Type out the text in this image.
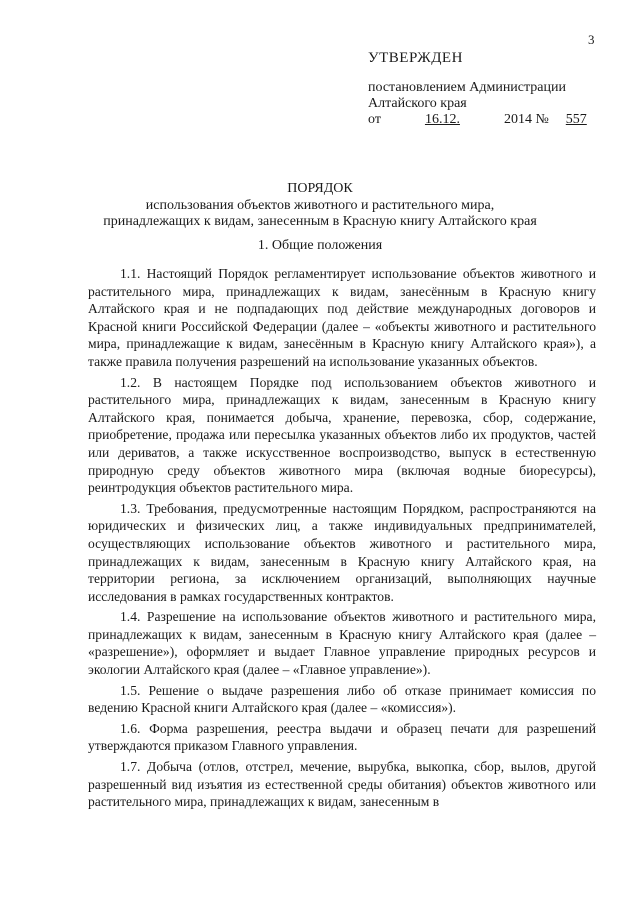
3
УТВЕРЖДЕН
постановлением Администрации
Алтайского края
от	16.12.	2014 № 557
ПОРЯДОК
использования объектов животного и растительного мира,
принадлежащих к видам, занесенным в Красную книгу Алтайского края
1. Общие положения

1.1. Настоящий Порядок регламентирует использование объектов животного и растительного мира, принадлежащих к видам, занесённым в Красную книгу Алтайского края и не подпадающих под действие международных договоров и Красной книги Российской Федерации (далее – «объекты животного и растительного мира, принадлежащие к видам, занесённым в Красную книгу Алтайского края»), а также правила получения разрешений на использование указанных объектов.

1.2. В настоящем Порядке под использованием объектов животного и растительного мира, принадлежащих к видам, занесенным в Красную книгу Алтайского края, понимается добыча, хранение, перевозка, сбор, содержание, приобретение, продажа или пересылка указанных объектов либо их продуктов, частей или дериватов, а также искусственное воспроизводство, выпуск в естественную природную среду объектов животного мира (включая водные биоресурсы), реинтродукция объектов растительного мира.

1.3. Требования, предусмотренные настоящим Порядком, распространяются на юридических и физических лиц, а также индивидуальных предпринимателей, осуществляющих использование объектов животного и растительного мира, принадлежащих к видам, занесенным в Красную книгу Алтайского края, на территории региона, за исключением организаций, выполняющих научные исследования в рамках государственных контрактов.

1.4. Разрешение на использование объектов животного и растительного мира, принадлежащих к видам, занесенным в Красную книгу Алтайского края (далее – «разрешение»), оформляет и выдает Главное управление природных ресурсов и экологии Алтайского края (далее – «Главное управление»).

1.5. Решение о выдаче разрешения либо об отказе принимает комиссия по ведению Красной книги Алтайского края (далее – «комиссия»).

1.6. Форма разрешения, реестра выдачи и образец печати для разрешений утверждаются приказом Главного управления.

1.7. Добыча (отлов, отстрел, мечение, вырубка, выкопка, сбор, вылов, другой разрешенный вид изъятия из естественной среды обитания) объектов животного или растительного мира, принадлежащих к видам, занесенным в
